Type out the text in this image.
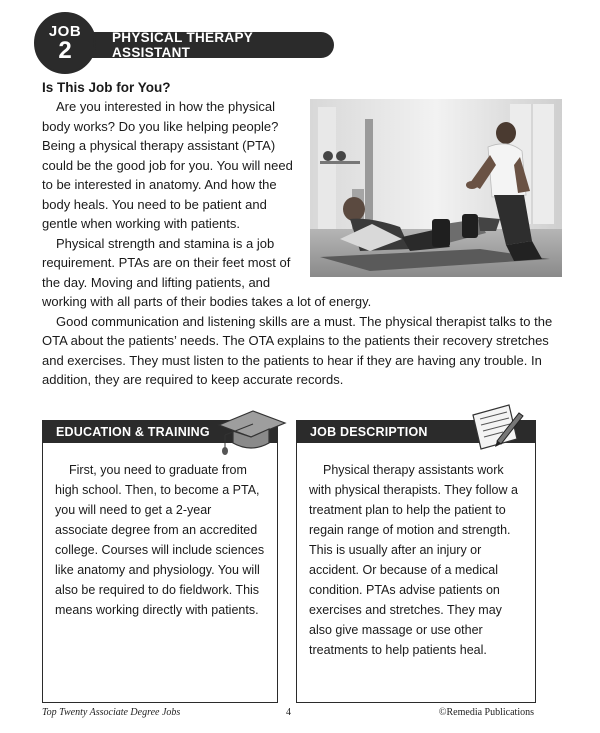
JOB
2	PHYSICAL THERAPY ASSISTANT
Is This Job for You?

Are you interested in how the physical body works? Do you like helping people? Being a physical therapy assistant (PTA) could be the good job for you. You will need to be interested in anatomy. And how the body heals. You need to be patient and gentle when working with patients.

Physical strength and stamina is a job requirement. PTAs are on their feet most of the day. Moving and lifting patients, and working with all parts of their bodies takes a lot of energy.

Good communication and listening skills are a must. The physical therapist talks to the OTA about the patients’ needs. The OTA explains to the patients their recovery stretches and exercises. They must listen to the patients to hear if they are having any trouble. In addition, they are required to keep accurate records.

EDUCATION & TRAINING

First, you need to graduate from high school. Then, to become a PTA, you will need to get a 2-year associate degree from an accredited college. Courses will include sciences like anatomy and physiology. You will also be required to do fieldwork. This means working directly with patients.

JOB DESCRIPTION

Physical therapy assistants work with physical therapists. They follow a treatment plan to help the patient to regain range of motion and strength. This is usually after an injury or accident. Or because of a medical condition. PTAs advise patients on exercises and stretches. They may also give massage or use other treatments to help patients heal.

Top Twenty Associate Degree Jobs	4	©Remedia Publications
